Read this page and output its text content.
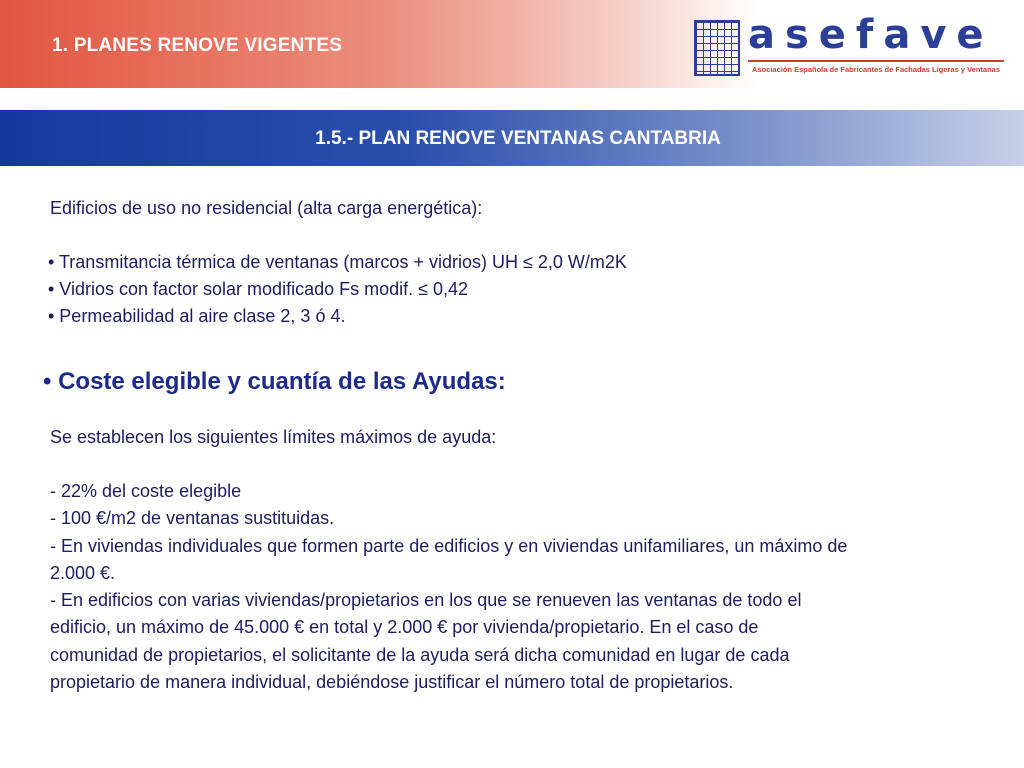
1. PLANES RENOVE VIGENTES	asefave
Asociación Española de Fabricantes de Fachadas Ligeras y Ventanas
1.5.- PLAN RENOVE VENTANAS CANTABRIA
Edificios de uso no residencial (alta carga energética):
• Transmitancia térmica de ventanas (marcos + vidrios) UH ≤ 2,0 W/m2K
• Vidrios con factor solar modificado Fs modif. ≤ 0,42
• Permeabilidad al aire clase 2, 3 ó 4.
• Coste elegible y cuantía de las Ayudas:
Se establecen los siguientes límites máximos de ayuda:
- 22% del coste elegible
- 100 €/m2 de ventanas sustituidas.
- En viviendas individuales que formen parte de edificios y en viviendas unifamiliares, un máximo de
2.000 €.
- En edificios con varias viviendas/propietarios en los que se renueven las ventanas de todo el
edificio, un máximo de 45.000 € en total y 2.000 € por vivienda/propietario. En el caso de
comunidad de propietarios, el solicitante de la ayuda será dicha comunidad en lugar de cada
propietario de manera individual, debiéndose justificar el número total de propietarios.
